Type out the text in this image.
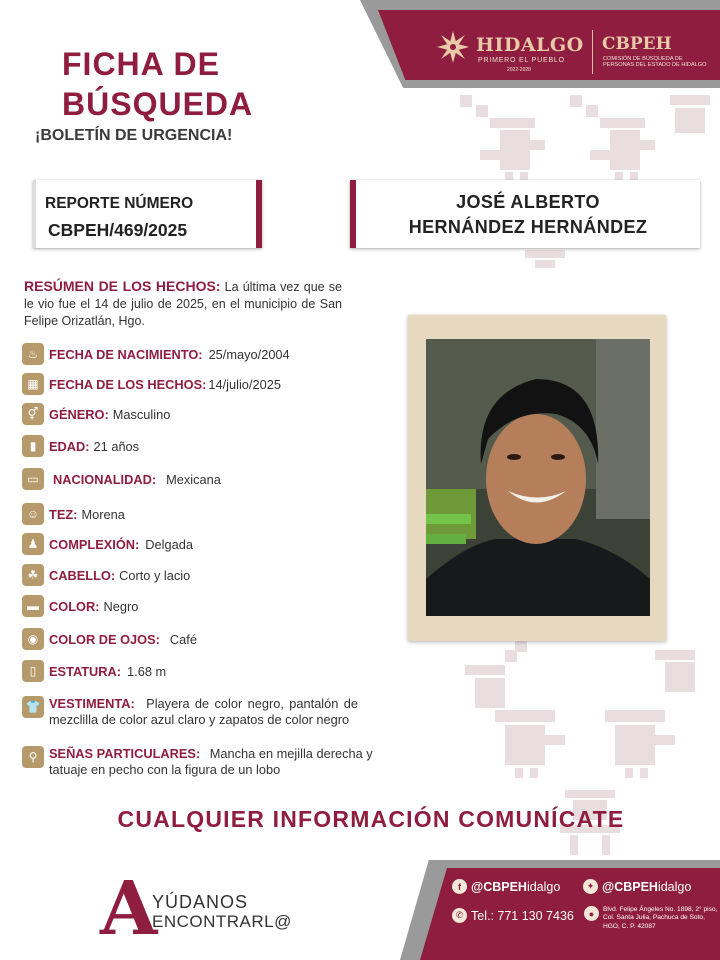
HIDALGO
PRIMERO EL PUEBLO
2022-2028
CBPEH
COMISIÓN DE BÚSQUEDA DE PERSONAS DEL ESTADO DE HIDALGO
FICHA DE
BÚSQUEDA
¡BOLETÍN DE URGENCIA!
REPORTE NÚMERO
CBPEH/469/2025
JOSÉ ALBERTO
HERNÁNDEZ HERNÁNDEZ
RESÚMEN DE LOS HECHOS: La última vez que se le vio fue el 14 de julio de 2025, en el municipio de San Felipe Orizatlán, Hgo.
♨ FECHA DE NACIMIENTO: 25/mayo/2004
▦ FECHA DE LOS HECHOS: 14/julio/2025
⚥ GÉNERO: Masculino
▮ EDAD: 21 años
▭	NACIONALIDAD: Mexicana
☺ TEZ: Morena
♟ COMPLEXIÓN: Delgada
☘ CABELLO: Corto y lacio
▬ COLOR: Negro
◉ COLOR DE OJOS: Café
▯ ESTATURA: 1.68 m
👕 VESTIMENTA: Playera de color negro, pantalón de mezclilla de color azul claro y zapatos de color negro
⚲ SEÑAS PARTICULARES: Mancha en mejilla derecha y tatuaje en pecho con la figura de un lobo
CUALQUIER INFORMACIÓN COMUNÍCATE
A
YÚDANOS
ENCONTRARL@
f @CBPEH idalgo	✦ @CBPEH idalgo
✆ Tel.: 771 130 7436	●	Blvd. Felipe Ángeles No. 1898, 2° piso, Col. Santa Julia, Pachuca de Soto, HGO, C. P. 42087
